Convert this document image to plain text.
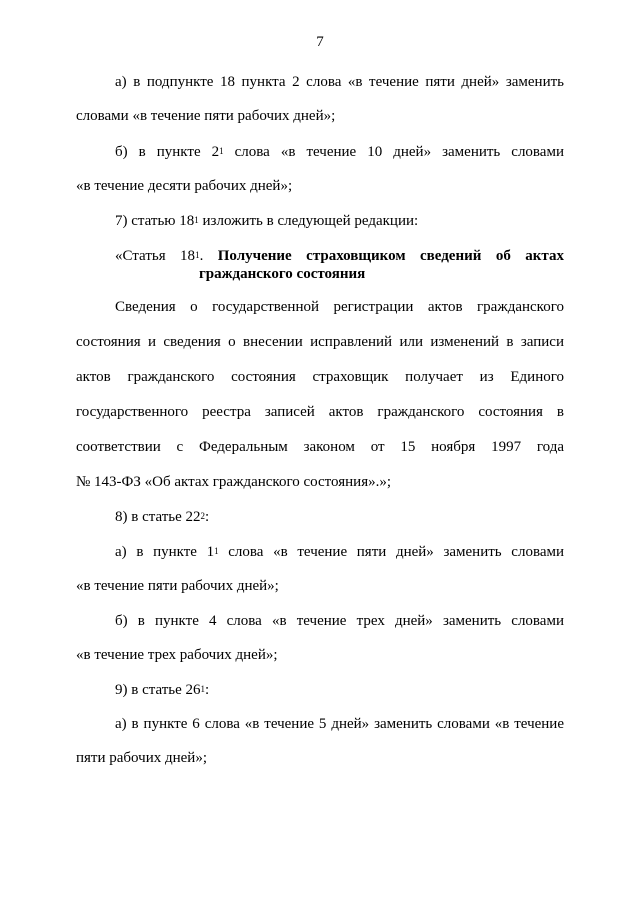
7
а) в подпункте 18 пункта 2 слова «в течение пяти дней» заменить
словами «в течение пяти рабочих дней»;
б) в пункте $2^1$ слова «в течение 10 дней» заменить словами
«в течение десяти рабочих дней»;
7) статью $18^1$ изложить в следующей редакции:
«Статья $18^1$. Получение страховщиком сведений об актах
гражданского состояния
Сведения о государственной регистрации актов гражданского
состояния и сведения о внесении исправлений или изменений в записи
актов гражданского состояния страховщик получает из Единого
государственного реестра записей актов гражданского состояния в
соответствии с Федеральным законом от 15 ноября 1997 года
№ 143-ФЗ «Об актах гражданского состояния».»;
8) в статье $22^2$:
а) в пункте $1^1$ слова «в течение пяти дней» заменить словами
«в течение пяти рабочих дней»;
б) в пункте 4 слова «в течение трех дней» заменить словами
«в течение трех рабочих дней»;
9) в статье $26^1$:
а) в пункте 6 слова «в течение 5 дней» заменить словами «в течение
пяти рабочих дней»;
